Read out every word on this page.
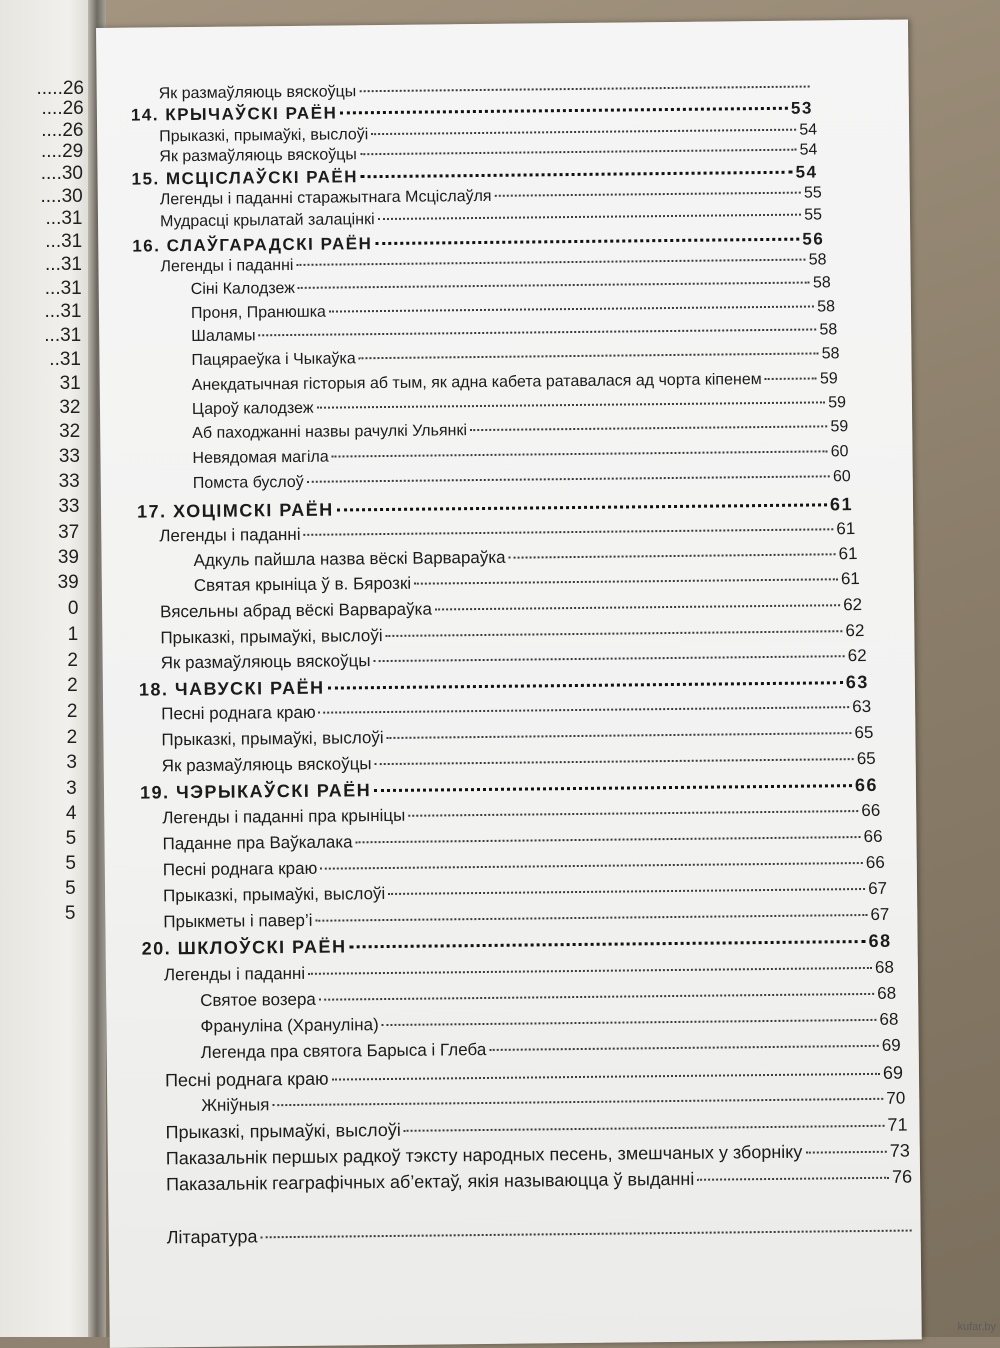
.....26
....26
....26
....29
....30
....30
...31
...31
...31
...31
...31
...31
..31
31
32
32
33
33
33
37
39
39
0
1
2
2
2
2
3
3
4
5
5
5
5
Як размаўляюць вяскоўцы
14. КРЫЧАЎСКІ РАЁН	53
Прыказкі, прымаўкі, выслоўі	54
Як размаўляюць вяскоўцы	54
15. МСЦІСЛАЎСКІ РАЁН	54
Легенды і паданні старажытнага Мсціслаўля	55
Мудрасці крылатай залацінкі	55
16. СЛАЎГАРАДСКІ РАЁН	56
Легенды і паданні	58
Сіні Калодзеж	58
Проня, Пранюшка	58
Шаламы	58
Пацяраеўка і Чыкаўка	58
Анекдатычная гісторыя аб тым, як адна кабета ратавалася ад чорта кіпенем	59
Цароў калодзеж	59
Аб паходжанні назвы рачулкі Ульянкі	59
Невядомая магіла	60
Помста буслоў	60
17. ХОЦІМСКІ РАЁН	61
Легенды і паданні	61
Адкуль пайшла назва вёскі Варвараўка	61
Святая крыніца ў в. Бярозкі	61
Вясельны абрад вёскі Варвараўка	62
Прыказкі, прымаўкі, выслоўі	62
Як размаўляюць вяскоўцы	62
18. ЧАВУСКІ РАЁН	63
Песні роднага краю	63
Прыказкі, прымаўкі, выслоўі	65
Як размаўляюць вяскоўцы	65
19. ЧЭРЫКАЎСКІ РАЁН	66
Легенды і паданні пра крыніцы	66
Паданне пра Ваўкалака	66
Песні роднага краю	66
Прыказкі, прымаўкі, выслоўі	67
Прыкметы і павер’і	67
20. ШКЛОЎСКІ РАЁН	68
Легенды і паданні	68
Святое возера	68
Франуліна (Хрануліна)	68
Легенда пра святога Барыса і Глеба	69
Песні роднага краю	69
Жніўныя	70
Прыказкі, прымаўкі, выслоўі	71
Паказальнік першых радкоў тэксту народных песень, змешчаных у зборніку	73
Паказальнік геаграфічных аб’ектаў, якія называюцца ў выданні	76
Літаратура
kufar.by
